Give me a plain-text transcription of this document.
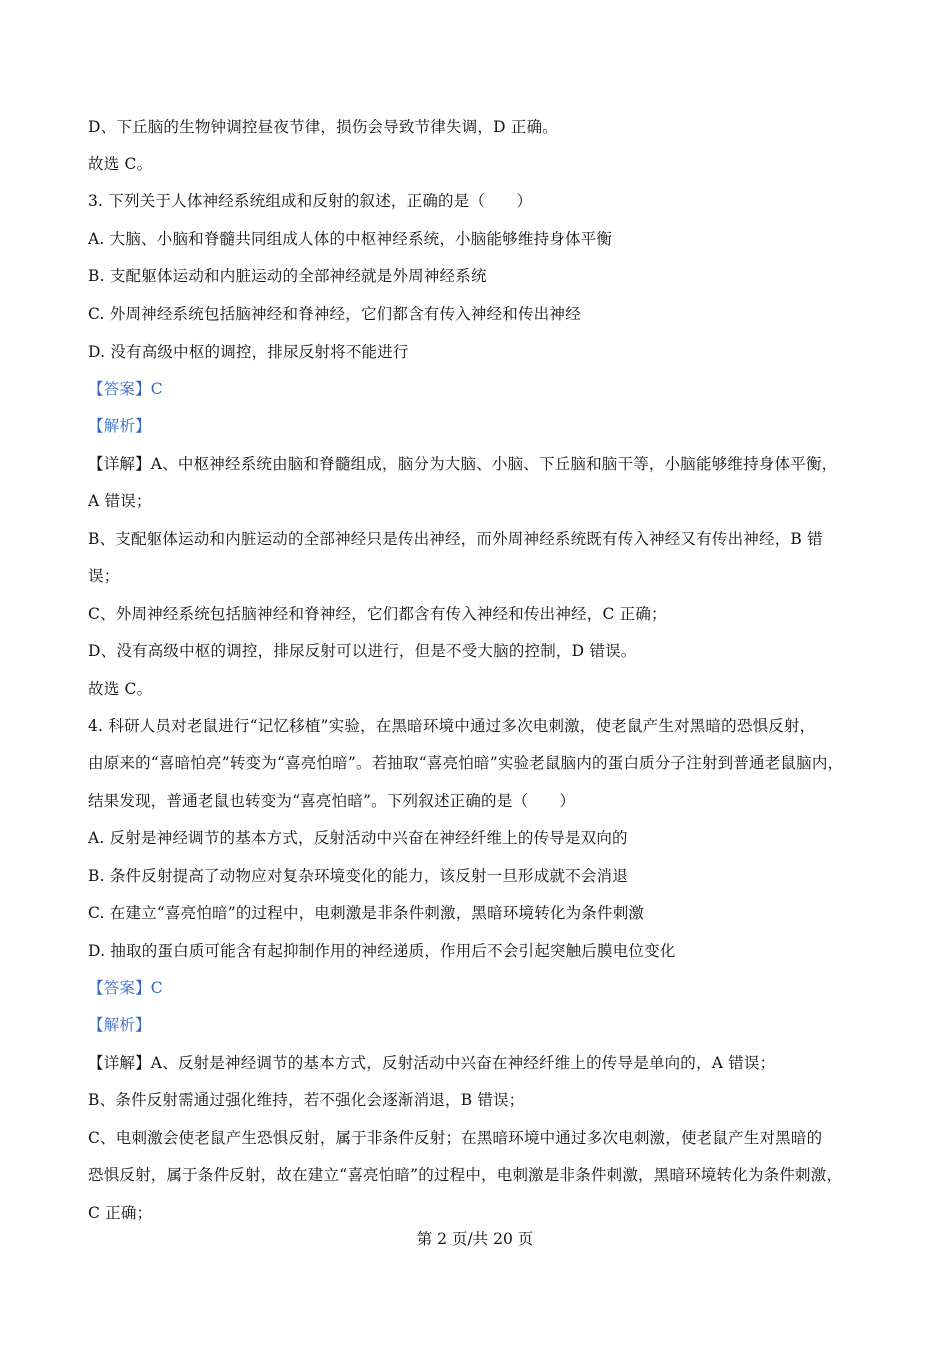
D、下丘脑的生物钟调控昼夜节律，损伤会导致节律失调，D 正确。
故选 C。
3. 下列关于人体神经系统组成和反射的叙述，正确的是（　　）
A. 大脑、小脑和脊髓共同组成人体的中枢神经系统，小脑能够维持身体平衡
B. 支配躯体运动和内脏运动的全部神经就是外周神经系统
C. 外周神经系统包括脑神经和脊神经，它们都含有传入神经和传出神经
D. 没有高级中枢的调控，排尿反射将不能进行
【答案】C
【解析】
【详解】A、中枢神经系统由脑和脊髓组成，脑分为大脑、小脑、下丘脑和脑干等，小脑能够维持身体平衡，
A 错误；
B、支配躯体运动和内脏运动的全部神经只是传出神经，而外周神经系统既有传入神经又有传出神经，B 错
误；
C、外周神经系统包括脑神经和脊神经，它们都含有传入神经和传出神经，C 正确；
D、没有高级中枢的调控，排尿反射可以进行，但是不受大脑的控制，D 错误。
故选 C。
4. 科研人员对老鼠进行“记忆移植”实验，在黑暗环境中通过多次电刺激，使老鼠产生对黑暗的恐惧反射，
由原来的“喜暗怕亮”转变为“喜亮怕暗”。若抽取“喜亮怕暗”实验老鼠脑内的蛋白质分子注射到普通老鼠脑内，
结果发现，普通老鼠也转变为“喜亮怕暗”。下列叙述正确的是（　　）
A. 反射是神经调节的基本方式，反射活动中兴奋在神经纤维上的传导是双向的
B. 条件反射提高了动物应对复杂环境变化的能力，该反射一旦形成就不会消退
C. 在建立“喜亮怕暗”的过程中，电刺激是非条件刺激，黑暗环境转化为条件刺激
D. 抽取的蛋白质可能含有起抑制作用的神经递质，作用后不会引起突触后膜电位变化
【答案】C
【解析】
【详解】A、反射是神经调节的基本方式，反射活动中兴奋在神经纤维上的传导是单向的，A 错误；
B、条件反射需通过强化维持，若不强化会逐渐消退，B 错误；
C、电刺激会使老鼠产生恐惧反射，属于非条件反射；在黑暗环境中通过多次电刺激，使老鼠产生对黑暗的
恐惧反射，属于条件反射，故在建立“喜亮怕暗”的过程中，电刺激是非条件刺激，黑暗环境转化为条件刺激，
C 正确；
第 2 页/共 20 页
